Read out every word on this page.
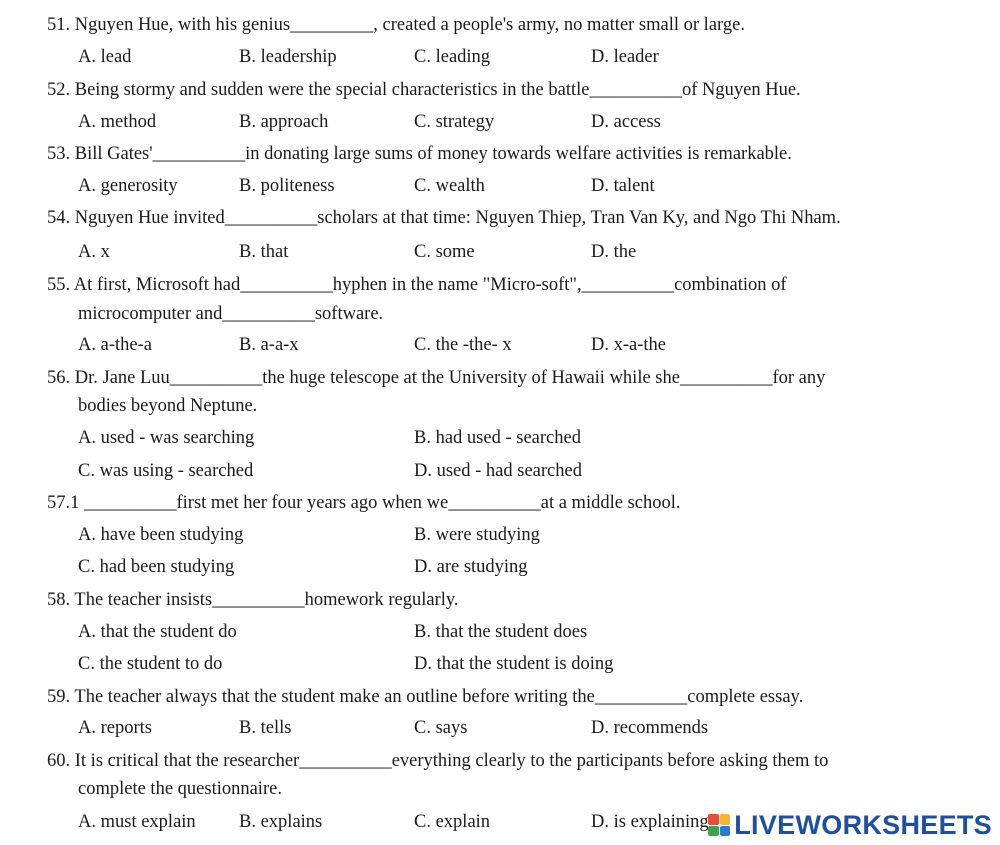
51. Nguyen Hue, with his genius_________, created a people's army, no matter small or large.
A. lead	B. leadership	C. leading	D. leader
52. Being stormy and sudden were the special characteristics in the battle__________of Nguyen Hue.
A. method	B. approach	C. strategy	D. access
53. Bill Gates'__________in donating large sums of money towards welfare activities is remarkable.
A. generosity	B. politeness	C. wealth	D. talent
54. Nguyen Hue invited__________scholars at that time: Nguyen Thiep, Tran Van Ky, and Ngo Thi Nham.
A. x	B. that	C. some	D. the
55. At first, Microsoft had__________hyphen in the name "Micro-soft",__________combination of
microcomputer and__________software.
A. a-the-a	B. a-a-x	C. the -the- x	D. x-a-the
56. Dr. Jane Luu__________the huge telescope at the University of Hawaii while she__________for any
bodies beyond Neptune.
A. used - was searching	B. had used - searched
C. was using - searched	D. used - had searched
57.1 __________first met her four years ago when we__________at a middle school.
A. have been studying	B. were studying
C. had been studying	D. are studying
58. The teacher insists__________homework regularly.
A. that the student do	B. that the student does
C. the student to do	D. that the student is doing
59. The teacher always that the student make an outline before writing the__________complete essay.
A. reports	B. tells	C. says	D. recommends
60. It is critical that the researcher__________everything clearly to the participants before asking them to
complete the questionnaire.
A. must explain B. explains	C. explain	D. is explaining LIVEWORKSHEETS
